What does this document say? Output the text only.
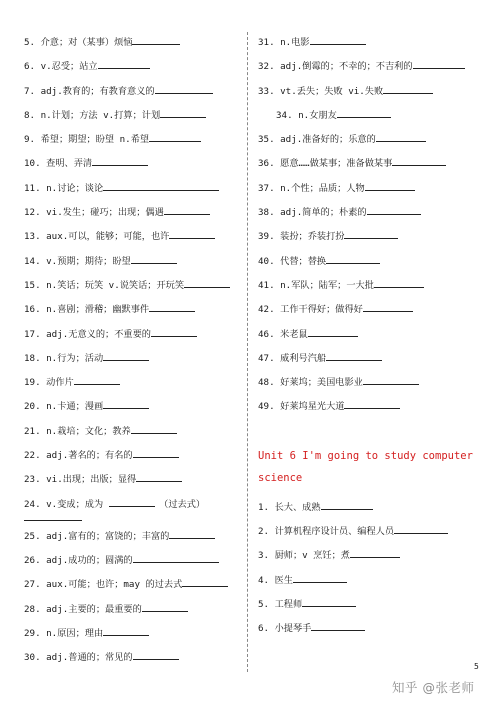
5. 介意；对（某事）烦恼
6. v.忍受；站立
7. adj.教育的；有教育意义的
8. n.计划；方法 v.打算；计划
9. 希望；期望；盼望 n.希望
10. 查明、弄清
11. n.讨论；谈论
12. vi.发生；碰巧；出现；偶遇
13. aux.可以，能够；可能，也许
14. v.预期；期待；盼望
15. n.笑话；玩笑 v.说笑话；开玩笑
16. n.喜剧；滑稽；幽默事件
17. adj.无意义的；不重要的
18. n.行为；活动
19. 动作片
20. n.卡通；漫画
21. n.栽培；文化；教养
22. adj.著名的；有名的
23. vi.出现；出版；显得
24. v.变成；成为	（过去式）
25. adj.富有的；富饶的；丰富的
26. adj.成功的；圆满的
27. aux.可能；也许；may 的过去式
28. adj.主要的；最重要的
29. n.原因；理由
30. adj.普通的；常见的
31. n.电影
32. adj.倒霉的；不幸的；不吉利的
33. vt.丢失；失败 vi.失败
34. n.女朋友
35. adj.准备好的；乐意的
36. 愿意……做某事；准备做某事
37. n.个性；品质；人物
38. adj.简单的；朴素的
39. 装扮；乔装打扮
40. 代替；替换
41. n.军队；陆军；一大批
42. 工作干得好；做得好
46. 米老鼠
47. 威利号汽船
48. 好莱坞；美国电影业
49. 好莱坞星光大道
Unit 6 I'm going to study computer
science
1. 长大、成熟
2. 计算机程序设计员、编程人员
3. 厨师；v 烹饪；煮
4. 医生
5. 工程师
6. 小提琴手
5
知乎 @张老师
